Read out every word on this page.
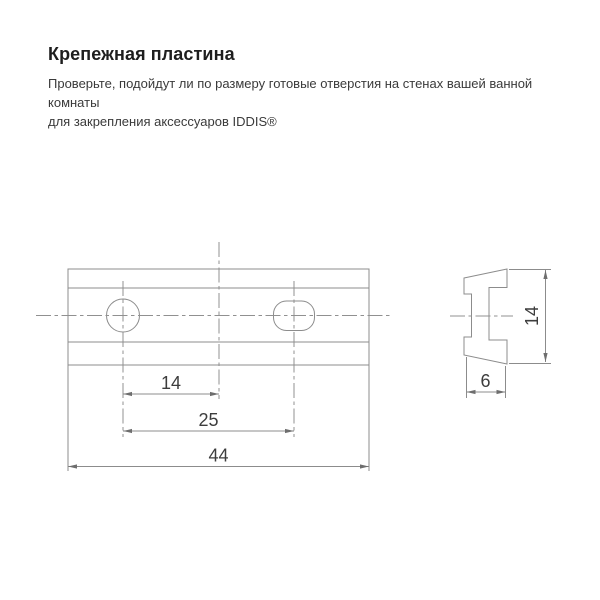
Крепежная пластина

Проверьте, подойдут ли по размеру готовые отверстия на стенах вашей ванной комнаты

для закрепления аксессуаров IDDIS®

14
25
44
14
6
